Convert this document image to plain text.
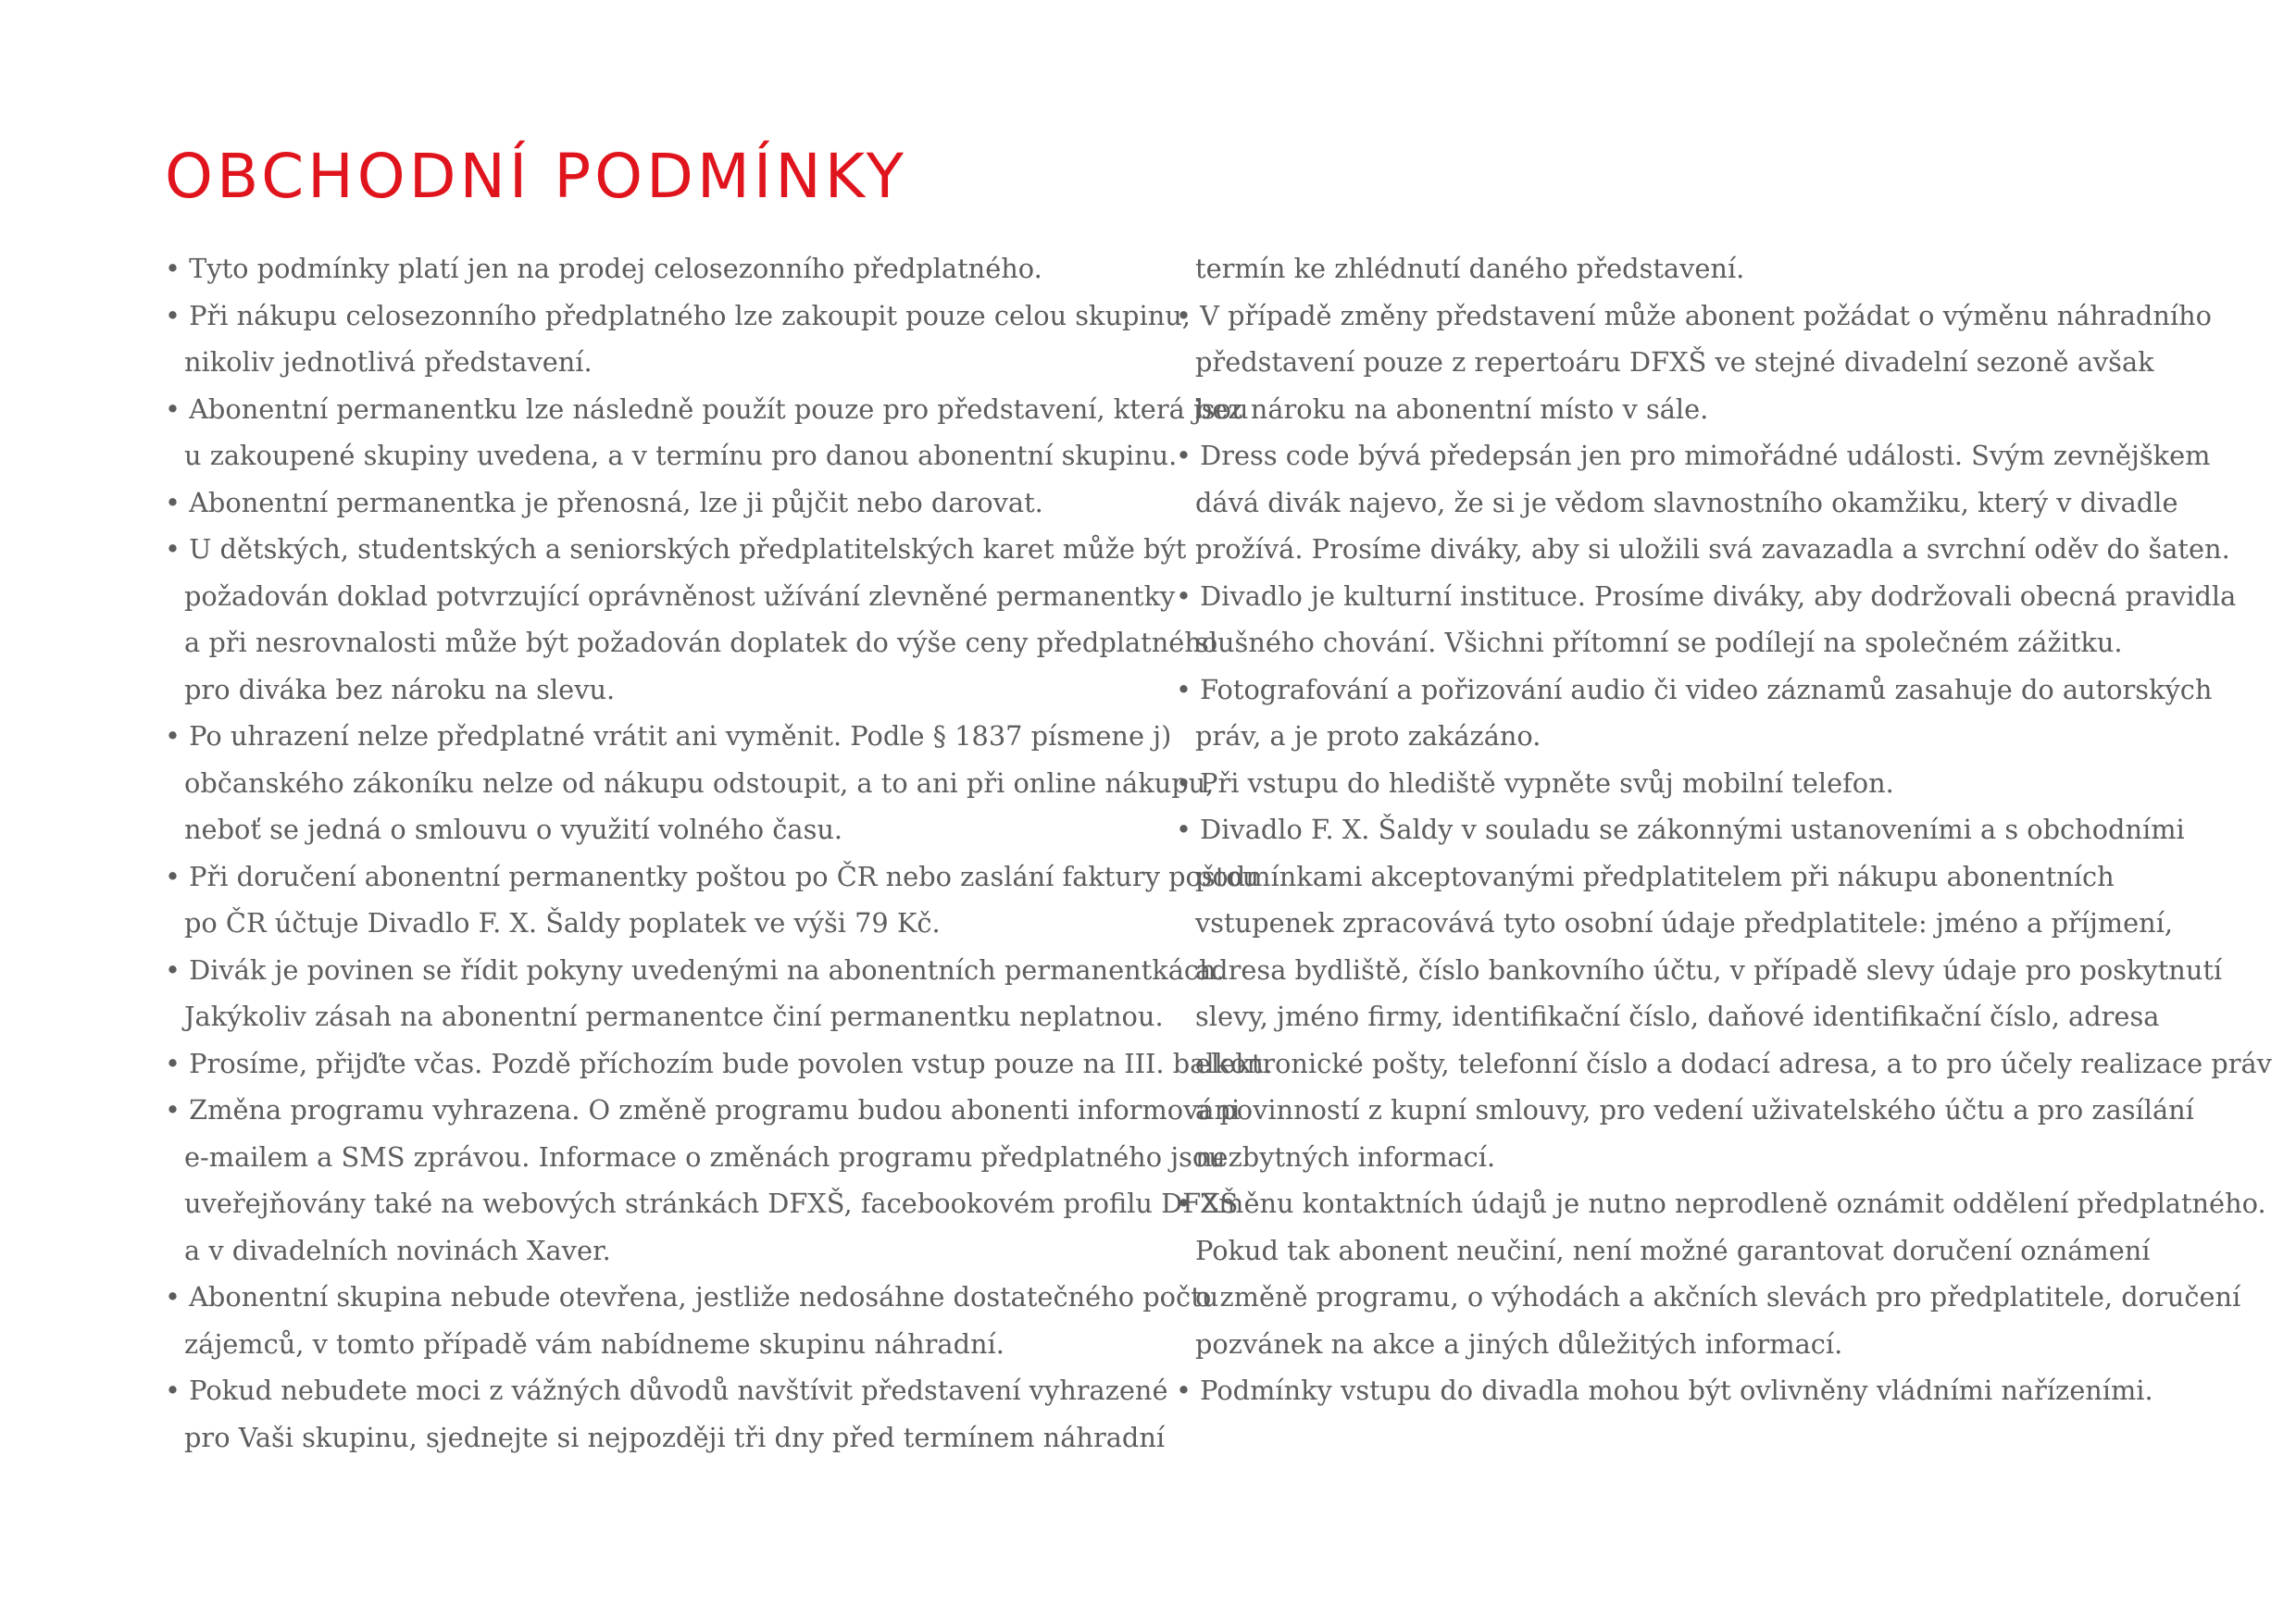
OBCHODNÍ PODMÍNKY
• Tyto podmínky platí jen na prodej celosezonního předplatného.
• Při nákupu celosezonního předplatného lze zakoupit pouze celou skupinu,
nikoliv jednotlivá představení.
• Abonentní permanentku lze následně použít pouze pro představení, která jsou
u zakoupené skupiny uvedena, a v termínu pro danou abonentní skupinu.
• Abonentní permanentka je přenosná, lze ji půjčit nebo darovat.
• U dětských, studentských a seniorských předplatitelských karet může být
požadován doklad potvrzující oprávněnost užívání zlevněné permanentky
a při nesrovnalosti může být požadován doplatek do výše ceny předplatného
pro diváka bez nároku na slevu.
• Po uhrazení nelze předplatné vrátit ani vyměnit. Podle § 1837 písmene j)
občanského zákoníku nelze od nákupu odstoupit, a to ani při online nákupu,
neboť se jedná o smlouvu o využití volného času.
• Při doručení abonentní permanentky poštou po ČR nebo zaslání faktury poštou
po ČR účtuje Divadlo F. X. Šaldy poplatek ve výši 79 Kč.
• Divák je povinen se řídit pokyny uvedenými na abonentních permanentkách.
Jakýkoliv zásah na abonentní permanentce činí permanentku neplatnou.
• Prosíme, přijďte včas. Pozdě příchozím bude povolen vstup pouze na III. balkon.
• Změna programu vyhrazena. O změně programu budou abonenti informováni
e-mailem a SMS zprávou. Informace o změnách programu předplatného jsou
uveřejňovány také na webových stránkách DFXŠ, facebookovém profilu DFXŠ
a v divadelních novinách Xaver.
• Abonentní skupina nebude otevřena, jestliže nedosáhne dostatečného počtu
zájemců, v tomto případě vám nabídneme skupinu náhradní.
• Pokud nebudete moci z vážných důvodů navštívit představení vyhrazené
pro Vaši skupinu, sjednejte si nejpozději tři dny před termínem náhradní
termín ke zhlédnutí daného představení.
• V případě změny představení může abonent požádat o výměnu náhradního
představení pouze z repertoáru DFXŠ ve stejné divadelní sezoně avšak
bez nároku na abonentní místo v sále.
• Dress code bývá předepsán jen pro mimořádné události. Svým zevnějškem
dává divák najevo, že si je vědom slavnostního okamžiku, který v divadle
prožívá. Prosíme diváky, aby si uložili svá zavazadla a svrchní oděv do šaten.
• Divadlo je kulturní instituce. Prosíme diváky, aby dodržovali obecná pravidla
slušného chování. Všichni přítomní se podílejí na společném zážitku.
• Fotografování a pořizování audio či video záznamů zasahuje do autorských
práv, a je proto zakázáno.
• Při vstupu do hlediště vypněte svůj mobilní telefon.
• Divadlo F. X. Šaldy v souladu se zákonnými ustanoveními a s obchodními
podmínkami akceptovanými předplatitelem při nákupu abonentních
vstupenek zpracovává tyto osobní údaje předplatitele: jméno a příjmení,
adresa bydliště, číslo bankovního účtu, v případě slevy údaje pro poskytnutí
slevy, jméno firmy, identifikační číslo, daňové identifikační číslo, adresa
elektronické pošty, telefonní číslo a dodací adresa, a to pro účely realizace práv
a povinností z kupní smlouvy, pro vedení uživatelského účtu a pro zasílání
nezbytných informací.
• Změnu kontaktních údajů je nutno neprodleně oznámit oddělení předplatného.
Pokud tak abonent neučiní, není možné garantovat doručení oznámení
o změně programu, o výhodách a akčních slevách pro předplatitele, doručení
pozvánek na akce a jiných důležitých informací.
• Podmínky vstupu do divadla mohou být ovlivněny vládními nařízeními.
